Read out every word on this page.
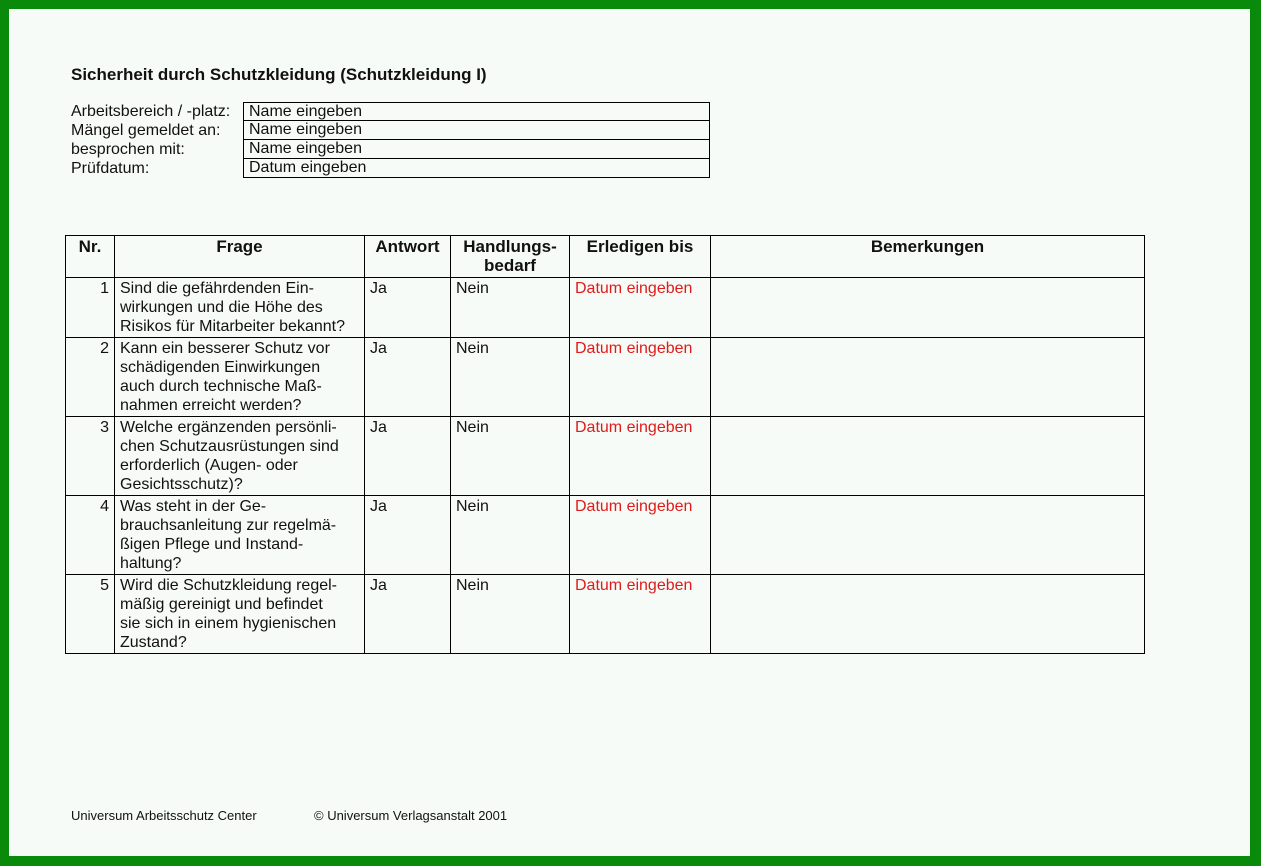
Sicherheit durch Schutzkleidung (Schutzkleidung I)
Arbeitsbereich / -platz:	Name eingeben
Mängel gemeldet an:	Name eingeben
besprochen mit:	Name eingeben
Prüfdatum:	Datum eingeben
Nr.	Frage	Antwort	Handlungs-
bedarf	Erledigen bis	Bemerkungen
1	Sind die gefährdenden Ein-
wirkungen und die Höhe des
Risikos für Mitarbeiter bekannt?	Ja	Nein	Datum eingeben	
2	Kann ein besserer Schutz vor
schädigenden Einwirkungen
auch durch technische Maß-
nahmen erreicht werden?	Ja	Nein	Datum eingeben	
3	Welche ergänzenden persönli-
chen Schutzausrüstungen sind
erforderlich (Augen- oder
Gesichtsschutz)?	Ja	Nein	Datum eingeben	
4	Was steht in der Ge-
brauchsanleitung zur regelmä-
ßigen Pflege und Instand-
haltung?	Ja	Nein	Datum eingeben	
5	Wird die Schutzkleidung regel-
mäßig gereinigt und befindet
sie sich in einem hygienischen
Zustand?	Ja	Nein	Datum eingeben	
Universum Arbeitsschutz Center	© Universum Verlagsanstalt 2001
